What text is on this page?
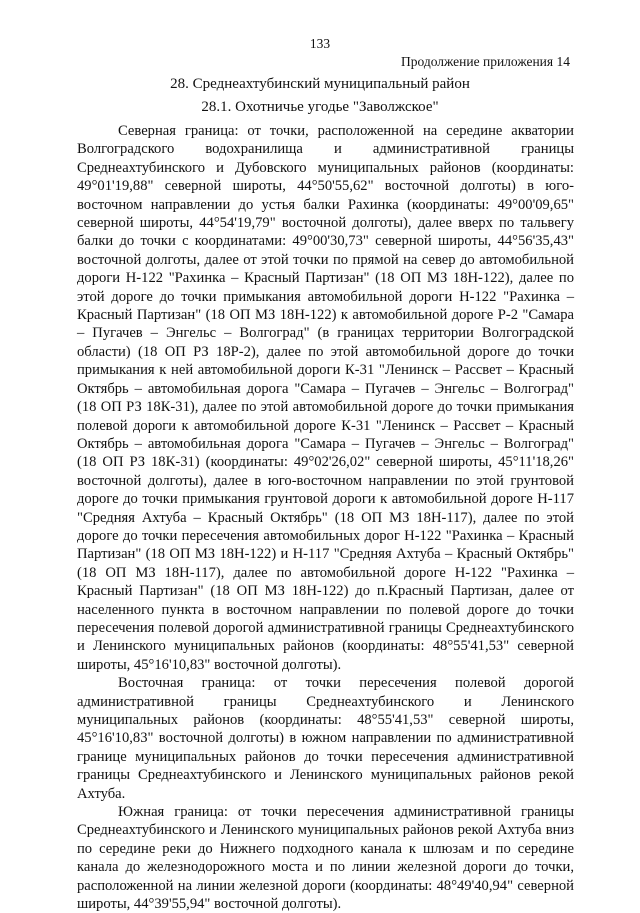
133
Продолжение приложения 14
28. Среднеахтубинский муниципальный район
28.1. Охотничье угодье "Заволжское"

Северная граница: от точки, расположенной на середине акватории Волгоградского водохранилища и административной границы Среднеахтубинского и Дубовского муниципальных районов (координаты: 49°01'19,88" северной широты, 44°50'55,62" восточной долготы) в юго-восточном направлении до устья балки Рахинка (координаты: 49°00'09,65" северной широты, 44°54'19,79" восточной долготы), далее вверх по тальвегу балки до точки с координатами: 49°00'30,73" северной широты, 44°56'35,43" восточной долготы, далее от этой точки по прямой на север до автомобильной дороги Н-122 "Рахинка – Красный Партизан" (18 ОП МЗ 18Н-122), далее по этой дороге до точки примыкания автомобильной дороги Н-122 "Рахинка – Красный Партизан" (18 ОП МЗ 18Н-122) к автомобильной дороге Р-2 "Самара – Пугачев – Энгельс – Волгоград" (в границах территории Волгоградской области) (18 ОП РЗ 18Р-2), далее по этой автомобильной дороге до точки примыкания к ней автомобильной дороги К-31 "Ленинск – Рассвет – Красный Октябрь – автомобильная дорога "Самара – Пугачев – Энгельс – Волгоград" (18 ОП РЗ 18К-31), далее по этой автомобильной дороге до точки примыкания полевой дороги к автомобильной дороге К-31 "Ленинск – Рассвет – Красный Октябрь – автомобильная дорога "Самара – Пугачев – Энгельс – Волгоград" (18 ОП РЗ 18К-31) (координаты: 49°02'26,02" северной широты, 45°11'18,26" восточной долготы), далее в юго-восточном направлении по этой грунтовой дороге до точки примыкания грунтовой дороги к автомобильной дороге Н-117 "Средняя Ахтуба – Красный Октябрь" (18 ОП МЗ 18Н-117), далее по этой дороге до точки пересечения автомобильных дорог Н-122 "Рахинка – Красный Партизан" (18 ОП МЗ 18Н-122) и Н-117 "Средняя Ахтуба – Красный Октябрь" (18 ОП МЗ 18Н-117), далее по автомобильной дороге Н-122 "Рахинка – Красный Партизан" (18 ОП МЗ 18Н-122) до п.Красный Партизан, далее от населенного пункта в восточном направлении по полевой дороге до точки пересечения полевой дорогой административной границы Среднеахтубинского и Ленинского муниципальных районов (координаты: 48°55'41,53" северной широты, 45°16'10,83" восточной долготы).

Восточная граница: от точки пересечения полевой дорогой административной границы Среднеахтубинского и Ленинского муниципальных районов (координаты: 48°55'41,53" северной широты, 45°16'10,83" восточной долготы) в южном направлении по административной границе муниципальных районов до точки пересечения административной границы Среднеахтубинского и Ленинского муниципальных районов рекой Ахтуба.

Южная граница: от точки пересечения административной границы Среднеахтубинского и Ленинского муниципальных районов рекой Ахтуба вниз по середине реки до Нижнего подходного канала к шлюзам и по середине канала до железнодорожного моста и по линии железной дороги до точки, расположенной на линии железной дороги (координаты: 48°49'40,94" северной широты, 44°39'55,94" восточной долготы).
